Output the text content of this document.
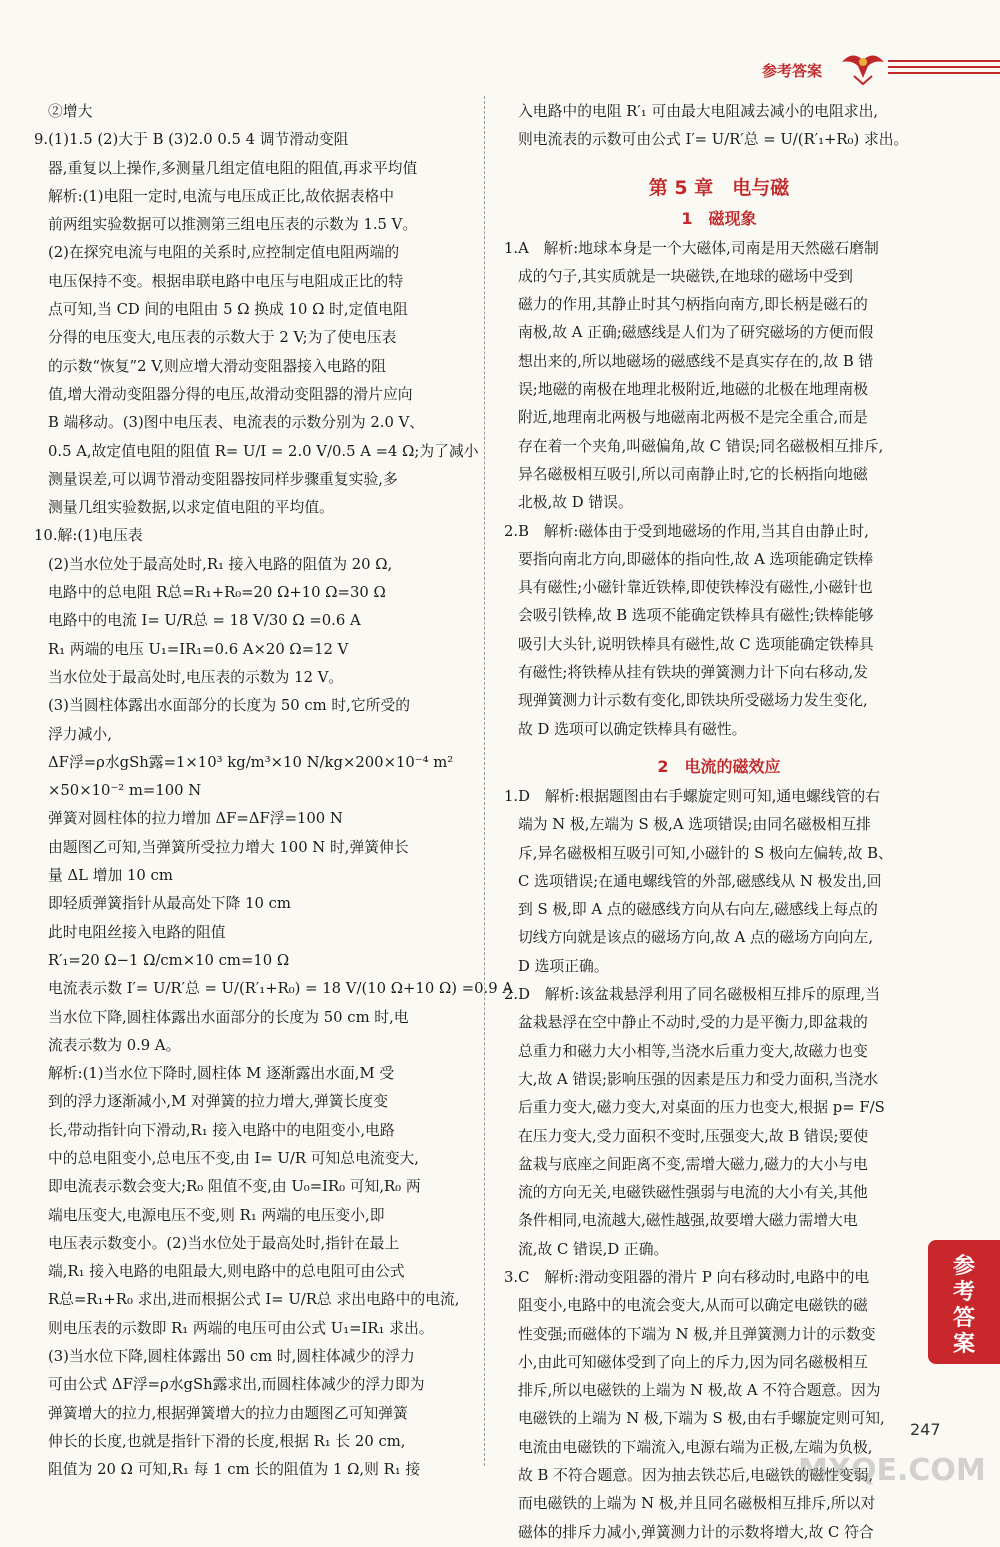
参考答案

②增大

9.(1)1.5 (2)大于 B (3)2.0 0.5 4 调节滑动变阻

器,重复以上操作,多测量几组定值电阻的阻值,再求平均值

解析:(1)电阻一定时,电流与电压成正比,故依据表格中

前两组实验数据可以推测第三组电压表的示数为 1.5 V。

(2)在探究电流与电阻的关系时,应控制定值电阻两端的

电压保持不变。根据串联电路中电压与电阻成正比的特

点可知,当 CD 间的电阻由 5 Ω 换成 10 Ω 时,定值电阻

分得的电压变大,电压表的示数大于 2 V;为了使电压表

的示数“恢复”2 V,则应增大滑动变阻器接入电路的阻

值,增大滑动变阻器分得的电压,故滑动变阻器的滑片应向

B 端移动。(3)图中电压表、电流表的示数分别为 2.0 V、

0.5 A,故定值电阻的阻值 R= U/I = 2.0 V/0.5 A =4 Ω;为了减小

测量误差,可以调节滑动变阻器按同样步骤重复实验,多

测量几组实验数据,以求定值电阻的平均值。

10.解:(1)电压表

(2)当水位处于最高处时,R₁ 接入电路的阻值为 20 Ω,

电路中的总电阻 R总=R₁+R₀=20 Ω+10 Ω=30 Ω

电路中的电流 I= U/R总 = 18 V/30 Ω =0.6 A

R₁ 两端的电压 U₁=IR₁=0.6 A×20 Ω=12 V

当水位处于最高处时,电压表的示数为 12 V。

(3)当圆柱体露出水面部分的长度为 50 cm 时,它所受的

浮力减小,

ΔF浮=ρ水gSh露=1×10³ kg/m³×10 N/kg×200×10⁻⁴ m²

×50×10⁻² m=100 N

弹簧对圆柱体的拉力增加 ΔF=ΔF浮=100 N

由题图乙可知,当弹簧所受拉力增大 100 N 时,弹簧伸长

量 ΔL 增加 10 cm

即轻质弹簧指针从最高处下降 10 cm

此时电阻丝接入电路的阻值

R′₁=20 Ω−1 Ω/cm×10 cm=10 Ω

电流表示数 I′= U/R′总 = U/(R′₁+R₀) = 18 V/(10 Ω+10 Ω) =0.9 A

当水位下降,圆柱体露出水面部分的长度为 50 cm 时,电

流表示数为 0.9 A。

解析:(1)当水位下降时,圆柱体 M 逐渐露出水面,M 受

到的浮力逐渐减小,M 对弹簧的拉力增大,弹簧长度变

长,带动指针向下滑动,R₁ 接入电路中的电阻变小,电路

中的总电阻变小,总电压不变,由 I= U/R 可知总电流变大,

即电流表示数会变大;R₀ 阻值不变,由 U₀=IR₀ 可知,R₀ 两

端电压变大,电源电压不变,则 R₁ 两端的电压变小,即

电压表示数变小。(2)当水位处于最高处时,指针在最上

端,R₁ 接入电路的电阻最大,则电路中的总电阻可由公式

R总=R₁+R₀ 求出,进而根据公式 I= U/R总 求出电路中的电流,

则电压表的示数即 R₁ 两端的电压可由公式 U₁=IR₁ 求出。

(3)当水位下降,圆柱体露出 50 cm 时,圆柱体减少的浮力

可由公式 ΔF浮=ρ水gSh露求出,而圆柱体减少的浮力即为

弹簧增大的拉力,根据弹簧增大的拉力由题图乙可知弹簧

伸长的长度,也就是指针下滑的长度,根据 R₁ 长 20 cm,

阻值为 20 Ω 可知,R₁ 每 1 cm 长的阻值为 1 Ω,则 R₁ 接

入电路中的电阻 R′₁ 可由最大电阻减去减小的电阻求出,

则电流表的示数可由公式 I′= U/R′总 = U/(R′₁+R₀) 求出。

第 5 章　电与磁
1　磁现象

1.A　解析:地球本身是一个大磁体,司南是用天然磁石磨制

成的勺子,其实质就是一块磁铁,在地球的磁场中受到

磁力的作用,其静止时其勺柄指向南方,即长柄是磁石的

南极,故 A 正确;磁感线是人们为了研究磁场的方便而假

想出来的,所以地磁场的磁感线不是真实存在的,故 B 错

误;地磁的南极在地理北极附近,地磁的北极在地理南极

附近,地理南北两极与地磁南北两极不是完全重合,而是

存在着一个夹角,叫磁偏角,故 C 错误;同名磁极相互排斥,

异名磁极相互吸引,所以司南静止时,它的长柄指向地磁

北极,故 D 错误。

2.B　解析:磁体由于受到地磁场的作用,当其自由静止时,

要指向南北方向,即磁体的指向性,故 A 选项能确定铁棒

具有磁性;小磁针靠近铁棒,即使铁棒没有磁性,小磁针也

会吸引铁棒,故 B 选项不能确定铁棒具有磁性;铁棒能够

吸引大头针,说明铁棒具有磁性,故 C 选项能确定铁棒具

有磁性;将铁棒从挂有铁块的弹簧测力计下向右移动,发

现弹簧测力计示数有变化,即铁块所受磁场力发生变化,

故 D 选项可以确定铁棒具有磁性。

2　电流的磁效应

1.D　解析:根据题图由右手螺旋定则可知,通电螺线管的右

端为 N 极,左端为 S 极,A 选项错误;由同名磁极相互排

斥,异名磁极相互吸引可知,小磁针的 S 极向左偏转,故 B、

C 选项错误;在通电螺线管的外部,磁感线从 N 极发出,回

到 S 极,即 A 点的磁感线方向从右向左,磁感线上每点的

切线方向就是该点的磁场方向,故 A 点的磁场方向向左,

D 选项正确。

2.D　解析:该盆栽悬浮利用了同名磁极相互排斥的原理,当

盆栽悬浮在空中静止不动时,受的力是平衡力,即盆栽的

总重力和磁力大小相等,当浇水后重力变大,故磁力也变

大,故 A 错误;影响压强的因素是压力和受力面积,当浇水

后重力变大,磁力变大,对桌面的压力也变大,根据 p= F/S

在压力变大,受力面积不变时,压强变大,故 B 错误;要使

盆栽与底座之间距离不变,需增大磁力,磁力的大小与电

流的方向无关,电磁铁磁性强弱与电流的大小有关,其他

条件相同,电流越大,磁性越强,故要增大磁力需增大电

流,故 C 错误,D 正确。

3.C　解析:滑动变阻器的滑片 P 向右移动时,电路中的电

阻变小,电路中的电流会变大,从而可以确定电磁铁的磁

性变强;而磁体的下端为 N 极,并且弹簧测力计的示数变

小,由此可知磁体受到了向上的斥力,因为同名磁极相互

排斥,所以电磁铁的上端为 N 极,故 A 不符合题意。因为

电磁铁的上端为 N 极,下端为 S 极,由右手螺旋定则可知,

电流由电磁铁的下端流入,电源右端为正极,左端为负极,

故 B 不符合题意。因为抽去铁芯后,电磁铁的磁性变弱,

而电磁铁的上端为 N 极,并且同名磁极相互排斥,所以对

磁体的排斥力减小,弹簧测力计的示数将增大,故 C 符合

参考答案
MXQE.COM
247
